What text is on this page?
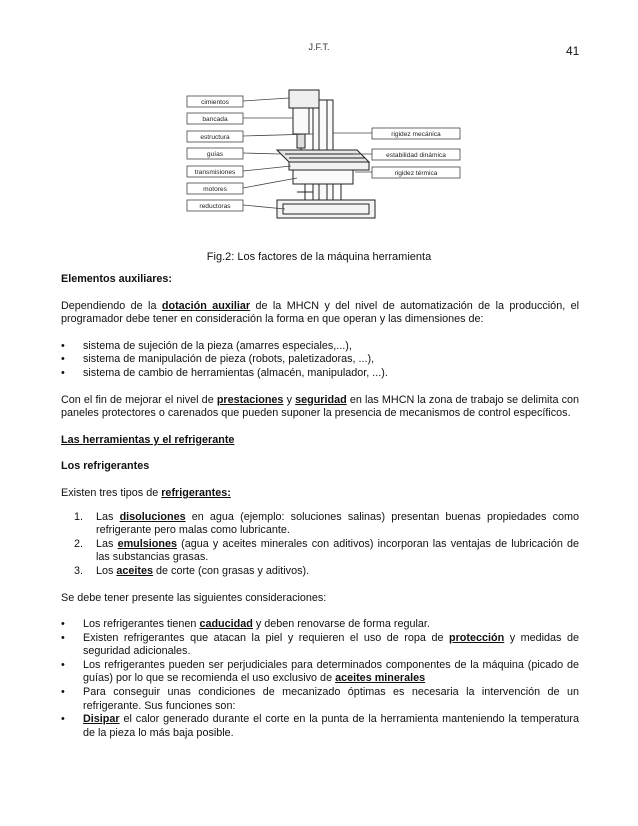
J.F.T.	41
cimientos
bancada
estructura
guías
transmisiones
motores
reductoras
rigidez mecánica
estabilidad dinámica
rigidez térmica
Fig.2: Los factores de la máquina herramienta

Elementos auxiliares:

Dependiendo de la dotación auxiliar de la MHCN y del nivel de automatización de la producción, el

programador debe tener en consideración la forma en que operan y las dimensiones de:

•	sistema de sujeción de la pieza (amarres especiales,...),
•	sistema de manipulación de pieza (robots, paletizadoras, ...),
•	sistema de cambio de herramientas (almacén, manipulador, ...).

Con el fin de mejorar el nivel de prestaciones y seguridad en las MHCN la zona de trabajo se delimita con paneles protectores o carenados que pueden suponer la presencia de mecanismos de control específicos.

Las herramientas y el refrigerante

Los refrigerantes

Existen tres tipos de refrigerantes:

1.	Las disoluciones en agua (ejemplo: soluciones salinas) presentan buenas propiedades como refrigerante pero malas como lubricante.
2.	Las emulsiones (agua y aceites minerales con aditivos) incorporan las ventajas de lubricación de las substancias grasas.
3.	Los aceites de corte (con grasas y aditivos).

Se debe tener presente las siguientes consideraciones:

•	Los refrigerantes tienen caducidad y deben renovarse de forma regular.
•	Existen refrigerantes que atacan la piel y requieren el uso de ropa de protección y medidas de seguridad adicionales.
•	Los refrigerantes pueden ser perjudiciales para determinados componentes de la máquina (picado de guías) por lo que se recomienda el uso exclusivo de aceites minerales
•	Para conseguir unas condiciones de mecanizado óptimas es necesaria la intervención de un refrigerante. Sus funciones son:
•	Disipar el calor generado durante el corte en la punta de la herramienta manteniendo la temperatura de la pieza lo más baja posible.
